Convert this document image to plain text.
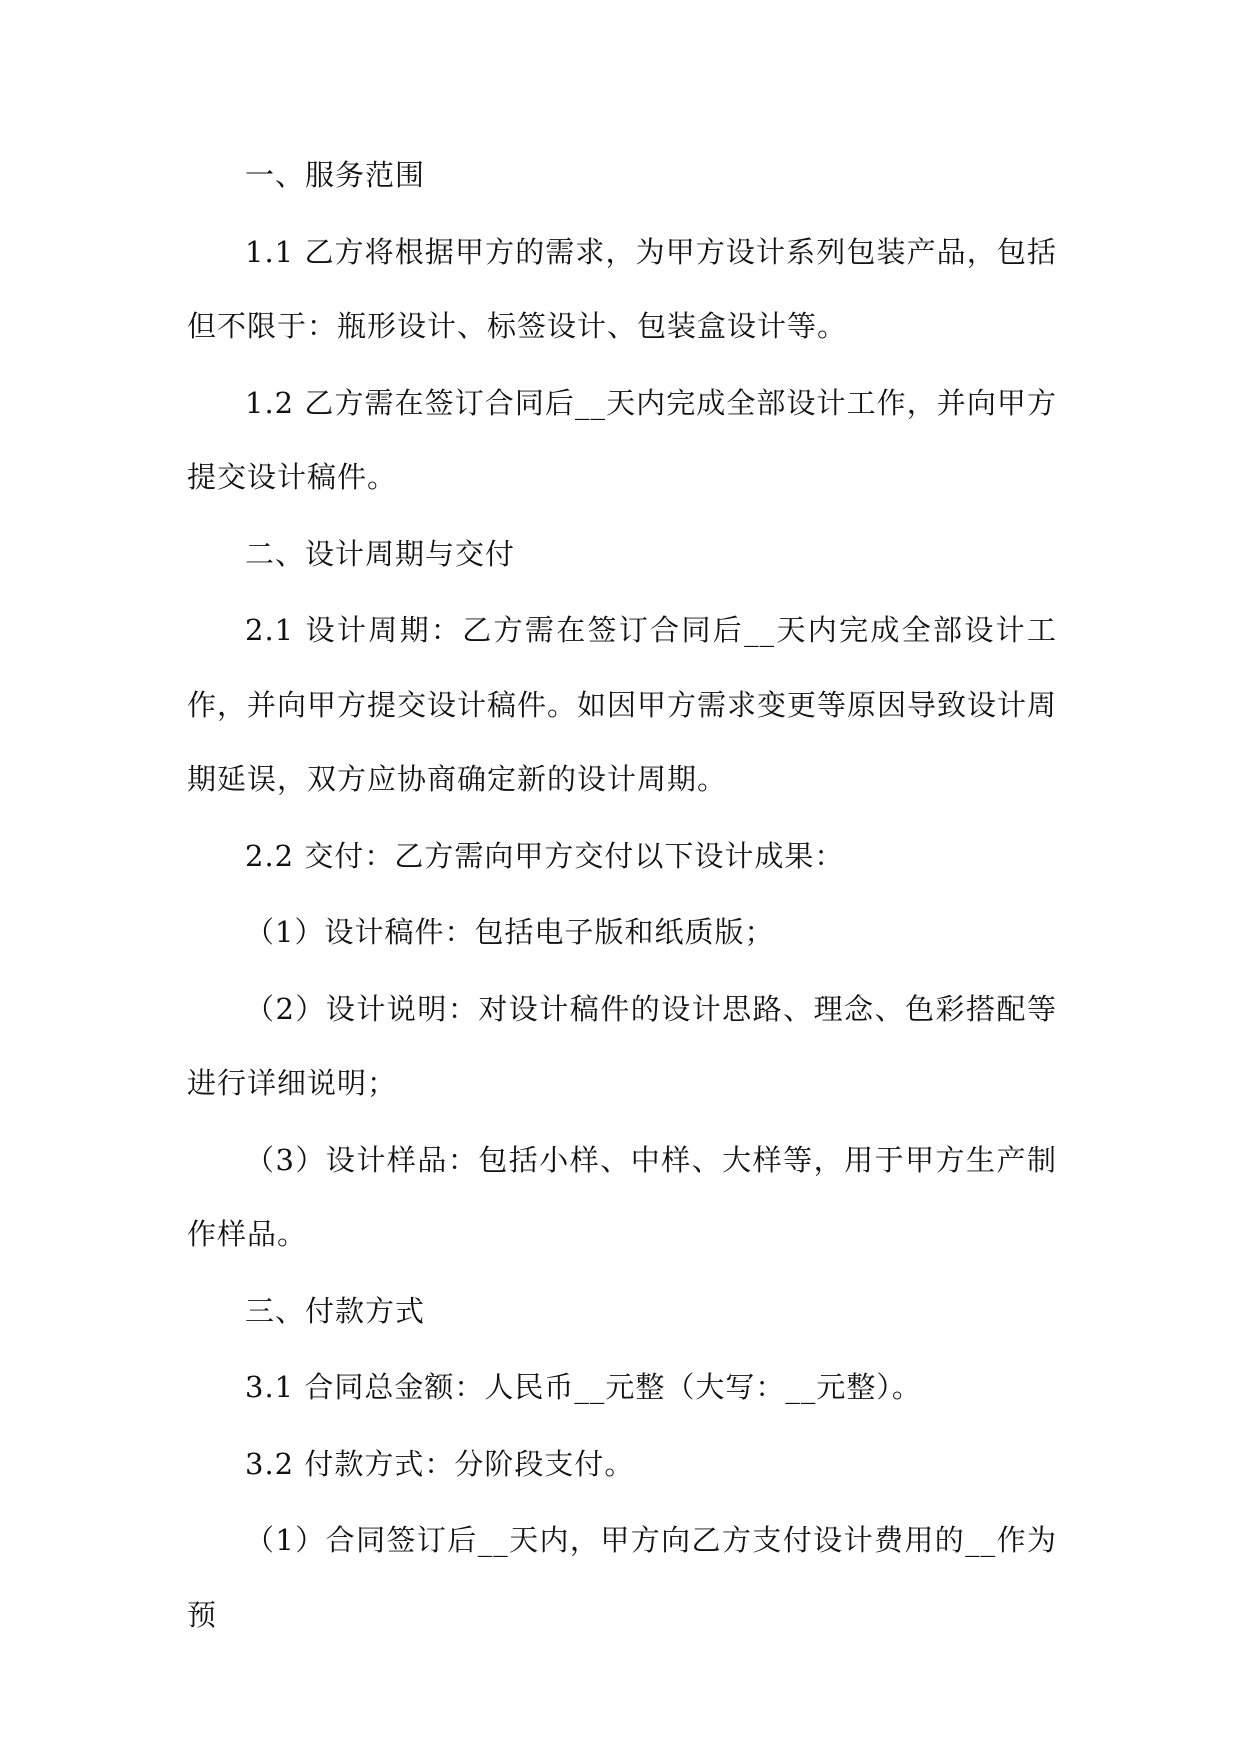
一、服务范围

1.1 乙方将根据甲方的需求，为甲方设计系列包装产品，包括但不限于：瓶形设计、标签设计、包装盒设计等。

1.2 乙方需在签订合同后__天内完成全部设计工作，并向甲方提交设计稿件。

二、设计周期与交付

2.1 设计周期：乙方需在签订合同后__天内完成全部设计工作，并向甲方提交设计稿件。如因甲方需求变更等原因导致设计周期延误，双方应协商确定新的设计周期。

2.2 交付：乙方需向甲方交付以下设计成果：

（1）设计稿件：包括电子版和纸质版；

（2）设计说明：对设计稿件的设计思路、理念、色彩搭配等进行详细说明；

（3）设计样品：包括小样、中样、大样等，用于甲方生产制作样品。

三、付款方式

3.1 合同总金额：人民币__元整（大写：__元整）。

3.2 付款方式：分阶段支付。

（1）合同签订后__天内，甲方向乙方支付设计费用的__作为预
